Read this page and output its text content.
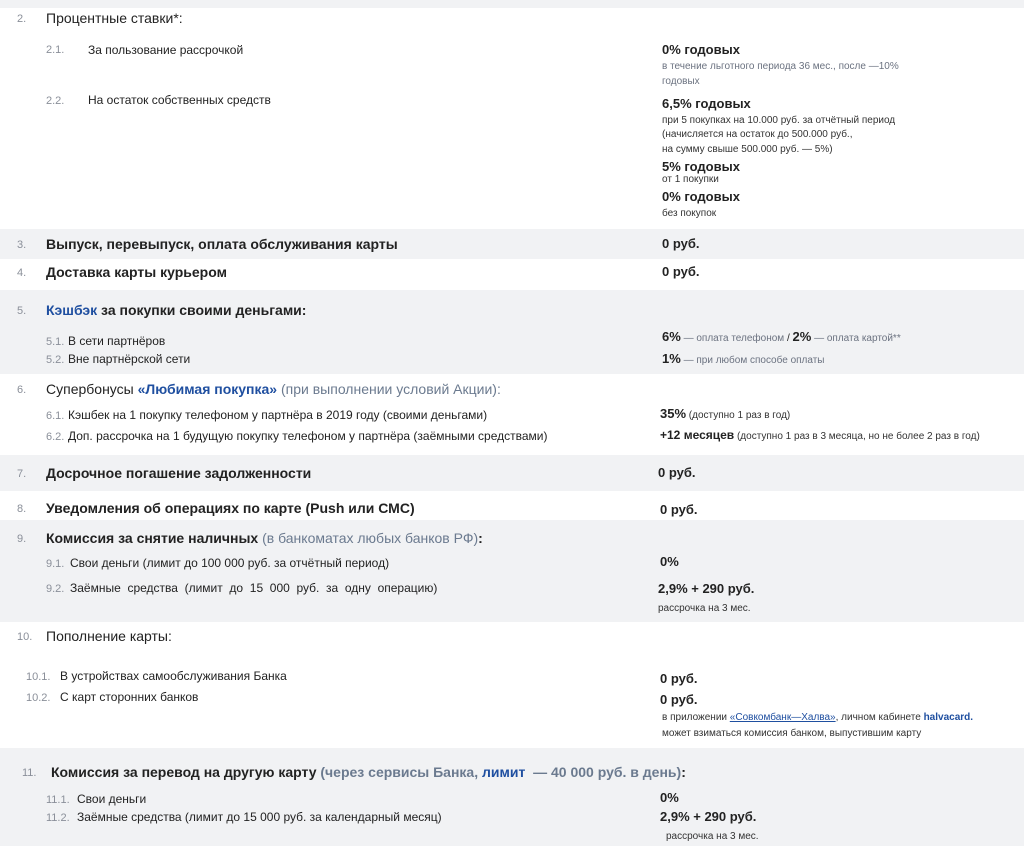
2. Процентные ставки*:
2.1. За пользование рассрочкой	0% годовых
в течение льготного периода 36 мес., после —10%
годовых
2.2. На остаток собственных средств	6,5% годовых
при 5 покупках на 10.000 руб. за отчётный период
(начисляется на остаток до 500.000 руб.,
на сумму свыше 500.000 руб. — 5%)
5% годовых
от 1 покупки
0% годовых
без покупок
3. Выпуск, перевыпуск, оплата обслуживания карты	0 руб.
4. Доставка карты курьером	0 руб.
5. Кэшбэк за покупки своими деньгами:
5.1. В сети партнёров	6% — оплата телефоном / 2% — оплата картой**
5.2. Вне партнёрской сети	1% — при любом способе оплаты
6. Супербонусы «Любимая покупка» (при выполнении условий Акции):
6.1. Кэшбек на 1 покупку телефоном у партнёра в 2019 году (своими деньгами)	35% (доступно 1 раз в год)
6.2. Доп. рассрочка на 1 будущую покупку телефоном у партнёра (заёмными средствами)	+12 месяцев (доступно 1 раз в 3 месяца, но не более 2 раз в год)
7. Досрочное погашение задолженности	0 руб.
8. Уведомления об операциях по карте (Push или СМС)	0 руб.
9. Комиссия за снятие наличных (в банкоматах любых банков РФ):
9.1. Свои деньги (лимит до 100 000 руб. за отчётный период)	0%
9.2. Заёмные  средства  (лимит  до  15  000  руб.  за  одну  операцию)	2,9% + 290 руб.
рассрочка на 3 мес.
10. Пополнение карты:
10.1. В устройствах самообслуживания Банка	0 руб.
10.2. С карт сторонних банков	0 руб.
в приложении «Совкомбанк—Халва», личном кабинете halvacard.
может взиматься комиссия банком, выпустившим карту
11. Комиссия за перевод на другую карту (через сервисы Банка, лимит  — 40 000 руб. в день):
11.1. Свои деньги	0%
11.2. Заёмные средства (лимит до 15 000 руб. за календарный месяц)	2,9% + 290 руб.
рассрочка на 3 мес.
